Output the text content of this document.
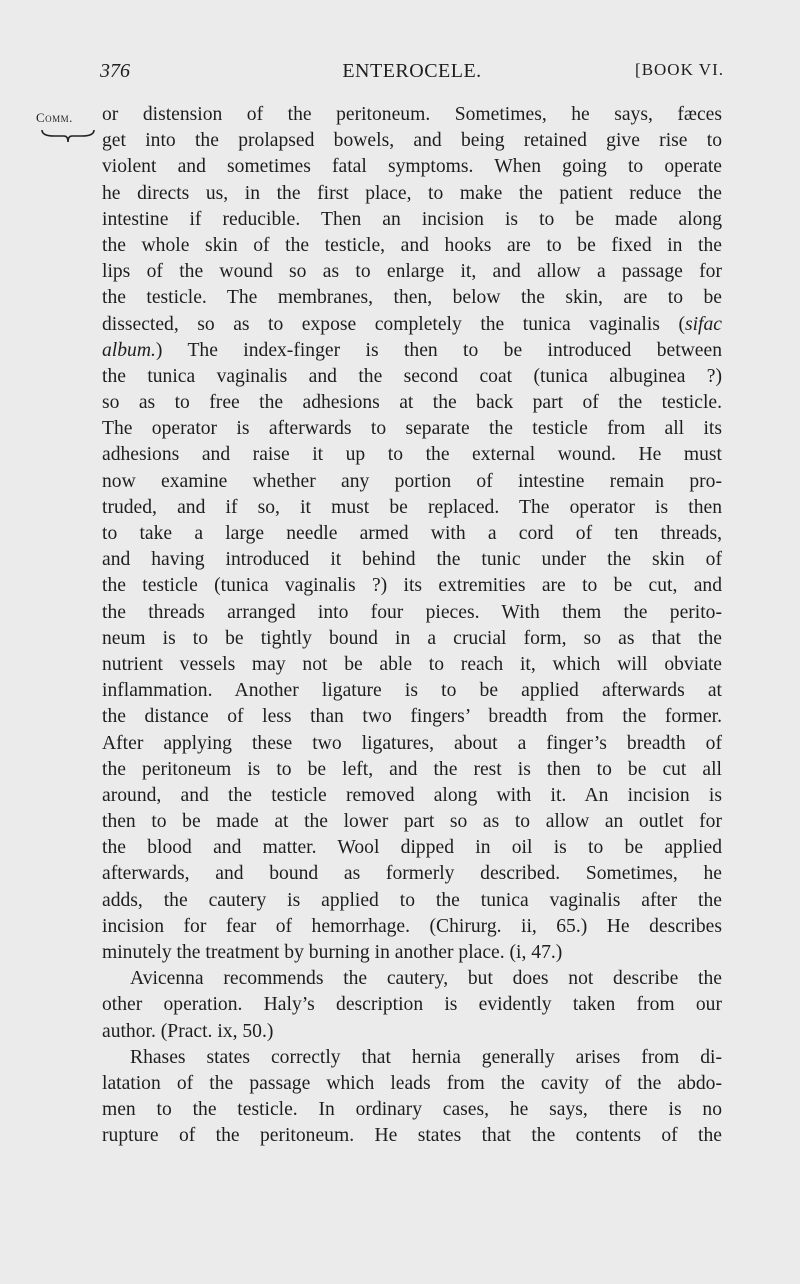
376	ENTEROCELE.	[BOOK VI.
Comm. or distension of the peritoneum. Sometimes, he says, fæces
get into the prolapsed bowels, and being retained give rise to
violent and sometimes fatal symptoms. When going to operate
he directs us, in the first place, to make the patient reduce the
intestine if reducible. Then an incision is to be made along
the whole skin of the testicle, and hooks are to be fixed in the
lips of the wound so as to enlarge it, and allow a passage for
the testicle. The membranes, then, below the skin, are to be
dissected, so as to expose completely the tunica vaginalis (sifac
album.) The index-finger is then to be introduced between
the tunica vaginalis and the second coat (tunica albuginea ?)
so as to free the adhesions at the back part of the testicle.
The operator is afterwards to separate the testicle from all its
adhesions and raise it up to the external wound. He must
now examine whether any portion of intestine remain pro-
truded, and if so, it must be replaced. The operator is then
to take a large needle armed with a cord of ten threads,
and having introduced it behind the tunic under the skin of
the testicle (tunica vaginalis ?) its extremities are to be cut, and
the threads arranged into four pieces. With them the perito-
neum is to be tightly bound in a crucial form, so as that the
nutrient vessels may not be able to reach it, which will obviate
inflammation. Another ligature is to be applied afterwards at
the distance of less than two fingers’ breadth from the former.
After applying these two ligatures, about a finger’s breadth of
the peritoneum is to be left, and the rest is then to be cut all
around, and the testicle removed along with it. An incision is
then to be made at the lower part so as to allow an outlet for
the blood and matter. Wool dipped in oil is to be applied
afterwards, and bound as formerly described. Sometimes, he
adds, the cautery is applied to the tunica vaginalis after the
incision for fear of hemorrhage. (Chirurg. ii, 65.) He describes
minutely the treatment by burning in another place. (i, 47.)
Avicenna recommends the cautery, but does not describe the
other operation. Haly’s description is evidently taken from our
author. (Pract. ix, 50.)
Rhases states correctly that hernia generally arises from di-
latation of the passage which leads from the cavity of the abdo-
men to the testicle. In ordinary cases, he says, there is no
rupture of the peritoneum. He states that the contents of the
